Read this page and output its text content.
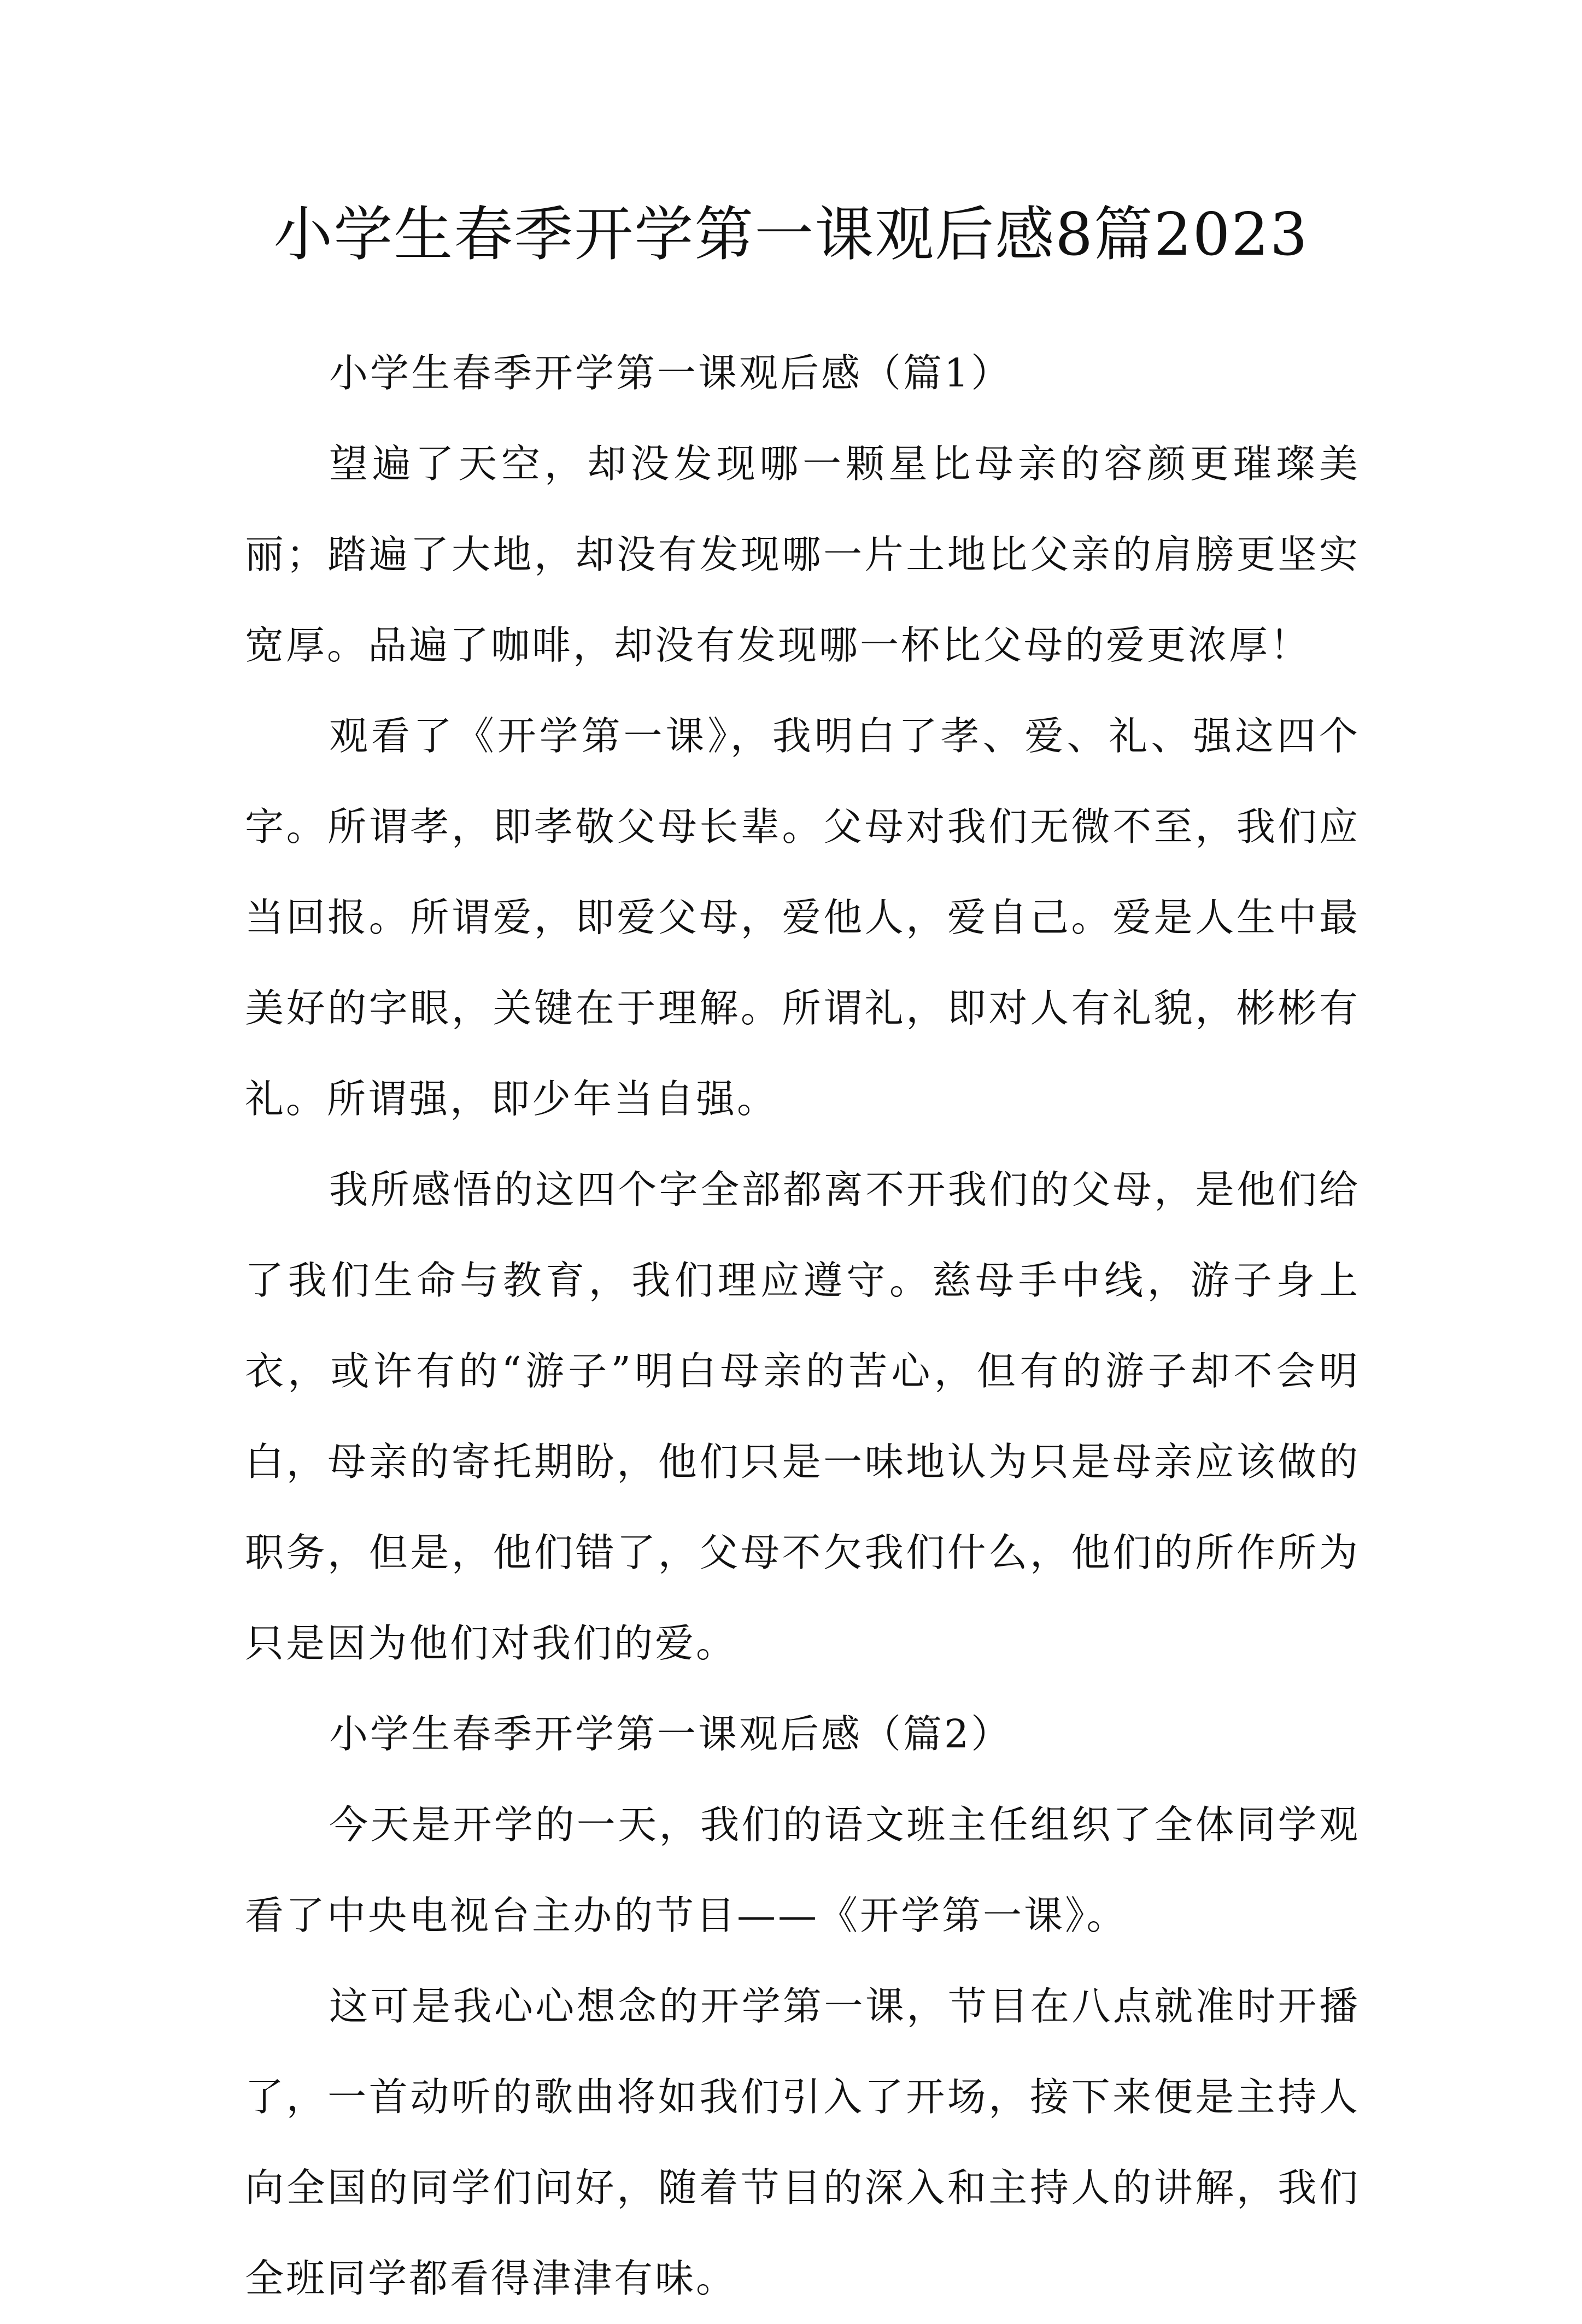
小学生春季开学第一课观后感8篇2023
小学生春季开学第一课观后感（篇1）

望遍了天空，却没发现哪一颗星比母亲的容颜更璀璨美丽；踏遍了大地，却没有发现哪一片土地比父亲的肩膀更坚实宽厚。品遍了咖啡，却没有发现哪一杯比父母的爱更浓厚！

观看了《开学第一课》，我明白了孝、爱、礼、强这四个字。所谓孝，即孝敬父母长辈。父母对我们无微不至，我们应当回报。所谓爱，即爱父母，爱他人，爱自己。爱是人生中最美好的字眼，关键在于理解。所谓礼，即对人有礼貌，彬彬有礼。所谓强，即少年当自强。

我所感悟的这四个字全部都离不开我们的父母，是他们给了我们生命与教育，我们理应遵守。慈母手中线，游子身上衣，或许有的“游子”明白母亲的苦心，但有的游子却不会明白，母亲的寄托期盼，他们只是一味地认为只是母亲应该做的职务，但是，他们错了，父母不欠我们什么，他们的所作所为只是因为他们对我们的爱。

小学生春季开学第一课观后感（篇2）

今天是开学的一天，我们的语文班主任组织了全体同学观看了中央电视台主办的节目——《开学第一课》。

这可是我心心想念的开学第一课，节目在八点就准时开播了，一首动听的歌曲将如我们引入了开场，接下来便是主持人向全国的同学们问好，随着节目的深入和主持人的讲解，我们全班同学都看得津津有味。
